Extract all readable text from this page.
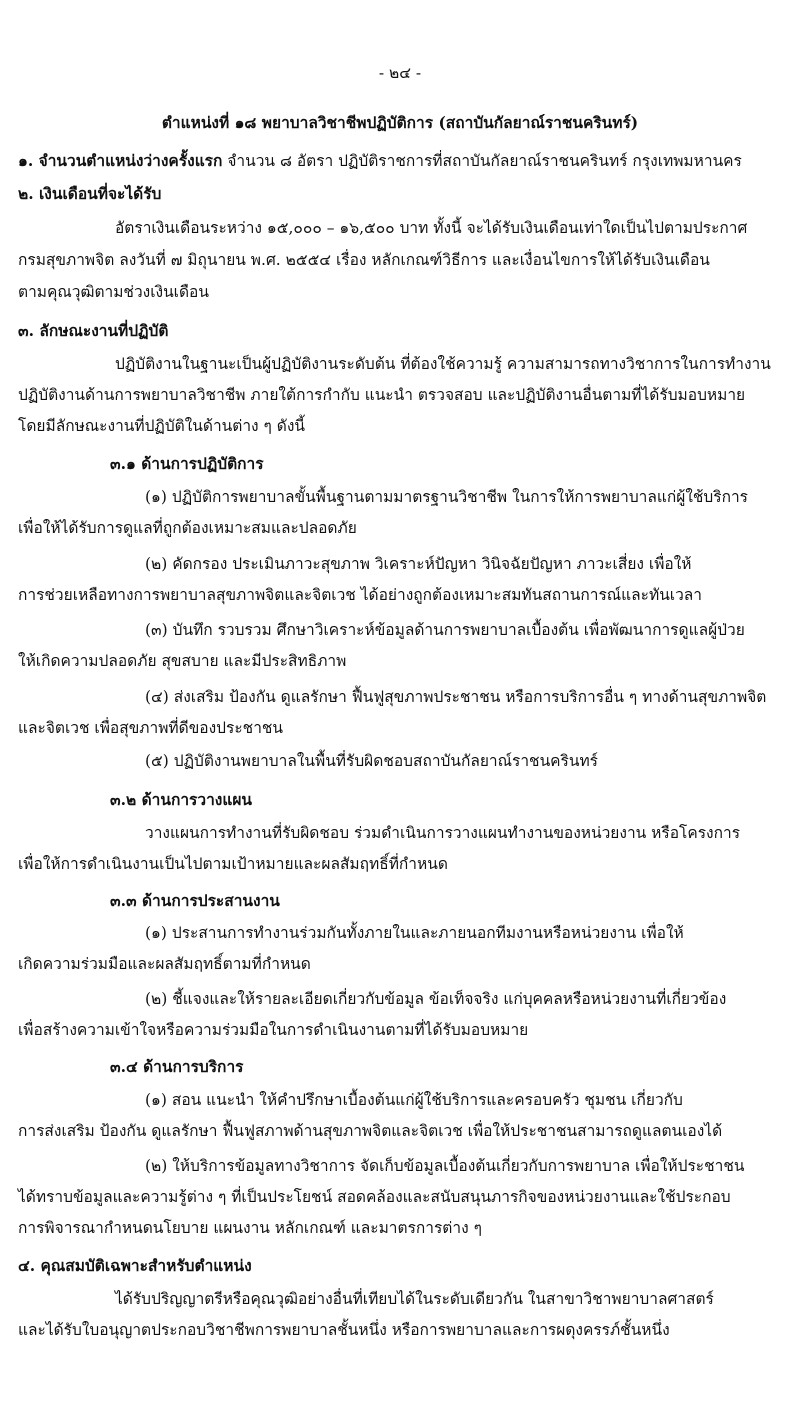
- ๒๔ -
ตำแหน่งที่ ๑๘ พยาบาลวิชาชีพปฏิบัติการ (สถาบันกัลยาณ์ราชนครินทร์)
๑. จำนวนตำแหน่งว่างครั้งแรก จำนวน ๘ อัตรา ปฏิบัติราชการที่สถาบันกัลยาณ์ราชนครินทร์ กรุงเทพมหานคร
๒. เงินเดือนที่จะได้รับ
อัตราเงินเดือนระหว่าง ๑๕,๐๐๐ – ๑๖,๕๐๐ บาท ทั้งนี้ จะได้รับเงินเดือนเท่าใดเป็นไปตามประกาศ
กรมสุขภาพจิต ลงวันที่ ๗ มิถุนายน พ.ศ. ๒๕๕๔ เรื่อง หลักเกณฑ์วิธีการ และเงื่อนไขการให้ได้รับเงินเดือน
ตามคุณวุฒิตามช่วงเงินเดือน
๓. ลักษณะงานที่ปฏิบัติ
ปฏิบัติงานในฐานะเป็นผู้ปฏิบัติงานระดับต้น ที่ต้องใช้ความรู้ ความสามารถทางวิชาการในการทำงาน
ปฏิบัติงานด้านการพยาบาลวิชาชีพ ภายใต้การกำกับ แนะนำ ตรวจสอบ และปฏิบัติงานอื่นตามที่ได้รับมอบหมาย
โดยมีลักษณะงานที่ปฏิบัติในด้านต่าง ๆ ดังนี้
๓.๑ ด้านการปฏิบัติการ
(๑) ปฏิบัติการพยาบาลขั้นพื้นฐานตามมาตรฐานวิชาชีพ ในการให้การพยาบาลแก่ผู้ใช้บริการ
เพื่อให้ได้รับการดูแลที่ถูกต้องเหมาะสมและปลอดภัย
(๒) คัดกรอง ประเมินภาวะสุขภาพ วิเคราะห์ปัญหา วินิจฉัยปัญหา ภาวะเสี่ยง เพื่อให้
การช่วยเหลือทางการพยาบาลสุขภาพจิตและจิตเวช ได้อย่างถูกต้องเหมาะสมทันสถานการณ์และทันเวลา
(๓) บันทึก รวบรวม ศึกษาวิเคราะห์ข้อมูลด้านการพยาบาลเบื้องต้น เพื่อพัฒนาการดูแลผู้ป่วย
ให้เกิดความปลอดภัย สุขสบาย และมีประสิทธิภาพ
(๔) ส่งเสริม ป้องกัน ดูแลรักษา ฟื้นฟูสุขภาพประชาชน หรือการบริการอื่น ๆ ทางด้านสุขภาพจิต
และจิตเวช เพื่อสุขภาพที่ดีของประชาชน
(๕) ปฏิบัติงานพยาบาลในพื้นที่รับผิดชอบสถาบันกัลยาณ์ราชนครินทร์
๓.๒ ด้านการวางแผน
วางแผนการทำงานที่รับผิดชอบ ร่วมดำเนินการวางแผนทำงานของหน่วยงาน หรือโครงการ
เพื่อให้การดำเนินงานเป็นไปตามเป้าหมายและผลสัมฤทธิ์ที่กำหนด
๓.๓ ด้านการประสานงาน
(๑) ประสานการทำงานร่วมกันทั้งภายในและภายนอกทีมงานหรือหน่วยงาน เพื่อให้
เกิดความร่วมมือและผลสัมฤทธิ์ตามที่กำหนด
(๒) ชี้แจงและให้รายละเอียดเกี่ยวกับข้อมูล ข้อเท็จจริง แก่บุคคลหรือหน่วยงานที่เกี่ยวข้อง
เพื่อสร้างความเข้าใจหรือความร่วมมือในการดำเนินงานตามที่ได้รับมอบหมาย
๓.๔ ด้านการบริการ
(๑) สอน แนะนำ ให้คำปรึกษาเบื้องต้นแก่ผู้ใช้บริการและครอบครัว ชุมชน เกี่ยวกับ
การส่งเสริม ป้องกัน ดูแลรักษา ฟื้นฟูสภาพด้านสุขภาพจิตและจิตเวช เพื่อให้ประชาชนสามารถดูแลตนเองได้
(๒) ให้บริการข้อมูลทางวิชาการ จัดเก็บข้อมูลเบื้องต้นเกี่ยวกับการพยาบาล เพื่อให้ประชาชน
ได้ทราบข้อมูลและความรู้ต่าง ๆ ที่เป็นประโยชน์ สอดคล้องและสนับสนุนภารกิจของหน่วยงานและใช้ประกอบ
การพิจารณากำหนดนโยบาย แผนงาน หลักเกณฑ์ และมาตรการต่าง ๆ
๔. คุณสมบัติเฉพาะสำหรับตำแหน่ง
ได้รับปริญญาตรีหรือคุณวุฒิอย่างอื่นที่เทียบได้ในระดับเดียวกัน ในสาขาวิชาพยาบาลศาสตร์
และได้รับใบอนุญาตประกอบวิชาชีพการพยาบาลชั้นหนึ่ง หรือการพยาบาลและการผดุงครรภ์ชั้นหนึ่ง
